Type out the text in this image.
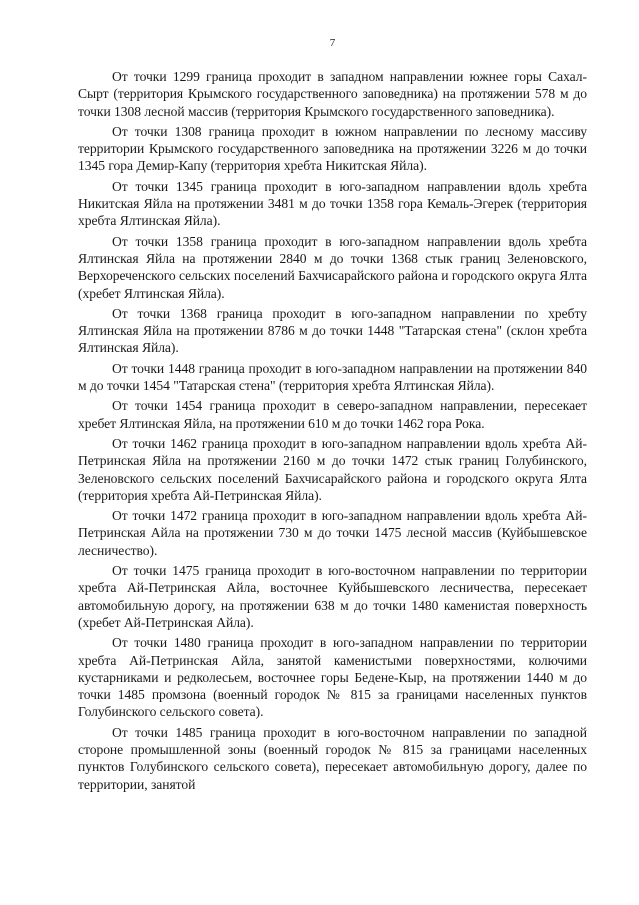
7

От точки 1299 граница проходит в западном направлении южнее горы Сахал-Сырт (территория Крымского государственного заповедника) на протяжении 578 м до точки 1308 лесной массив (территория Крымского государственного заповедника).

От точки 1308 граница проходит в южном направлении по лесному массиву территории Крымского государственного заповедника на протяжении 3226 м до точки 1345 гора Демир-Капу (территория хребта Никитская Яйла).

От точки 1345 граница проходит в юго-западном направлении вдоль хребта Никитская Яйла на протяжении 3481 м до точки 1358 гора Кемаль-Эгерек (территория хребта Ялтинская Яйла).

От точки 1358 граница проходит в юго-западном направлении вдоль хребта Ялтинская Яйла на протяжении 2840 м до точки 1368 стык границ Зеленовского, Верхореченского сельских поселений Бахчисарайского района и городского округа Ялта (хребет Ялтинская Яйла).

От точки 1368 граница проходит в юго-западном направлении по хребту Ялтинская Яйла на протяжении 8786 м до точки 1448 "Татарская стена" (склон хребта Ялтинская Яйла).

От точки 1448 граница проходит в юго-западном направлении на протяжении 840 м до точки 1454 "Татарская стена" (территория хребта Ялтинская Яйла).

От точки 1454 граница проходит в северо-западном направлении, пересекает хребет Ялтинская Яйла, на протяжении 610 м до точки 1462 гора Рока.

От точки 1462 граница проходит в юго-западном направлении вдоль хребта Ай-Петринская Яйла на протяжении 2160 м до точки 1472 стык границ Голубинского, Зеленовского сельских поселений Бахчисарайского района и городского округа Ялта (территория хребта Ай-Петринская Яйла).

От точки 1472 граница проходит в юго-западном направлении вдоль хребта Ай-Петринская Айла на протяжении 730 м до точки 1475 лесной массив (Куйбышевское лесничество).

От точки 1475 граница проходит в юго-восточном направлении по территории хребта Ай-Петринская Айла, восточнее Куйбышевского лесничества, пересекает автомобильную дорогу, на протяжении 638 м до точки 1480 каменистая поверхность (хребет Ай-Петринская Айла).

От точки 1480 граница проходит в юго-западном направлении по территории хребта Ай-Петринская Айла, занятой каменистыми поверхностями, колючими кустарниками и редколесьем, восточнее горы Бедене-Кыр, на протяжении 1440 м до точки 1485 промзона (военный городок № 815 за границами населенных пунктов Голубинского сельского совета).

От точки 1485 граница проходит в юго-восточном направлении по западной стороне промышленной зоны (военный городок № 815 за границами населенных пунктов Голубинского сельского совета), пересекает автомобильную дорогу, далее по территории, занятой
